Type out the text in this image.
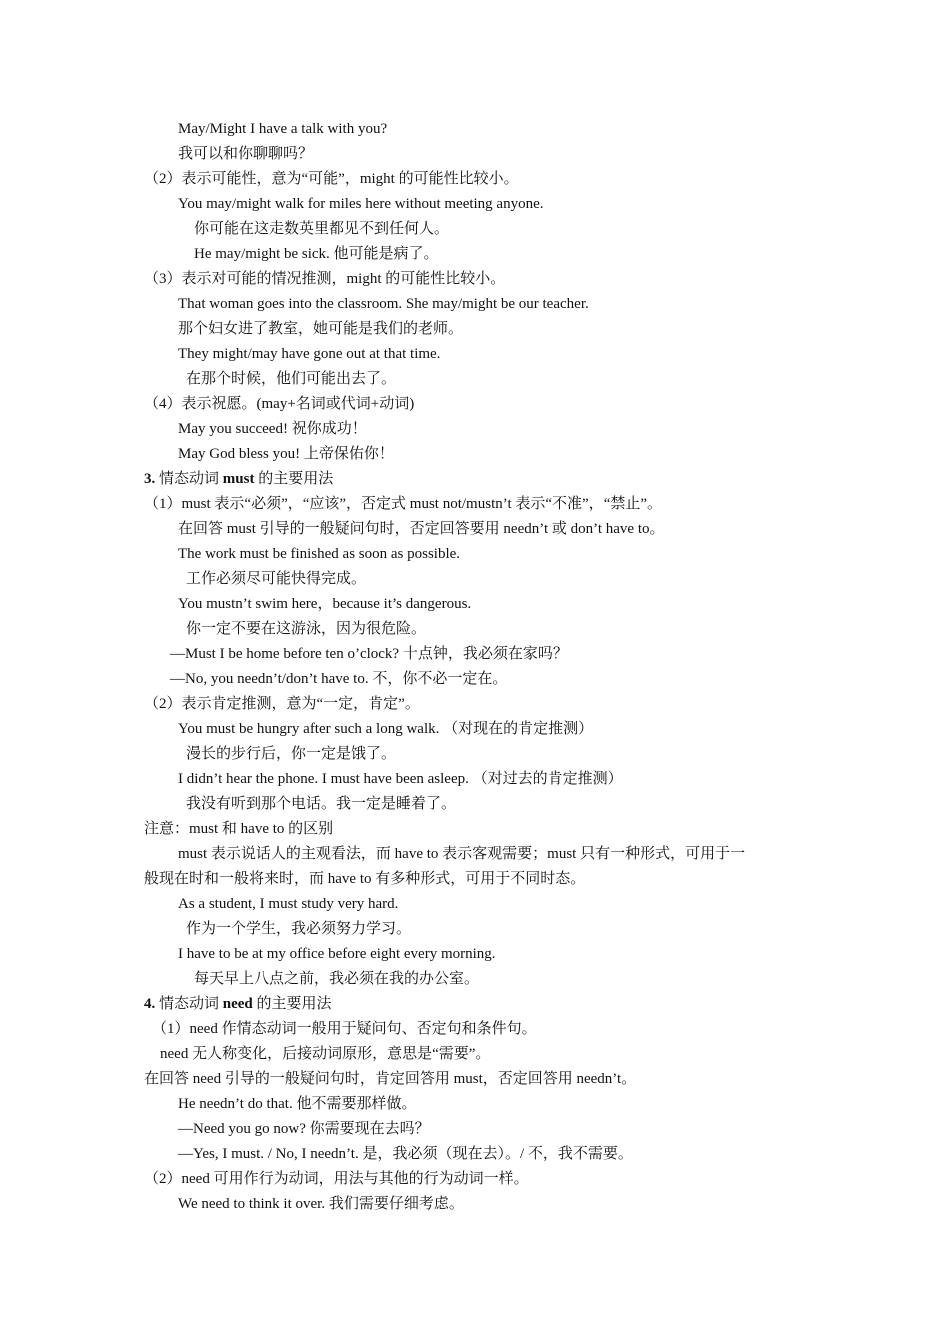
May/Might I have a talk with you?
我可以和你聊聊吗？
（2）表示可能性，意为“可能”，might 的可能性比较小。
You may/might walk for miles here without meeting anyone.
你可能在这走数英里都见不到任何人。
He may/might be sick. 他可能是病了。
（3）表示对可能的情况推测，might 的可能性比较小。
That woman goes into the classroom. She may/might be our teacher.
那个妇女进了教室，她可能是我们的老师。
They might/may have gone out at that time.
在那个时候，他们可能出去了。
（4）表示祝愿。(may+名词或代词+动词)
May you succeed! 祝你成功！
May God bless you! 上帝保佑你！
3. 情态动词 must 的主要用法
（1）must 表示“必须”，“应该”，否定式 must not/mustn’t 表示“不准”，“禁止”。
在回答 must 引导的一般疑问句时，否定回答要用 needn’t 或 don’t have to。
The work must be finished as soon as possible.
工作必须尽可能快得完成。
You mustn’t swim here，because it’s dangerous.
你一定不要在这游泳，因为很危险。
—Must I be home before ten o’clock? 十点钟，我必须在家吗？
—No, you needn’t/don’t have to. 不，你不必一定在。
（2）表示肯定推测，意为“一定，肯定”。
You must be hungry after such a long walk. （对现在的肯定推测）
漫长的步行后，你一定是饿了。
I didn’t hear the phone. I must have been asleep. （对过去的肯定推测）
我没有听到那个电话。我一定是睡着了。
注意：must 和 have to 的区别
must 表示说话人的主观看法，而 have to 表示客观需要；must 只有一种形式，可用于一
般现在时和一般将来时，而 have to 有多种形式，可用于不同时态。
As a student, I must study very hard.
作为一个学生，我必须努力学习。
I have to be at my office before eight every morning.
每天早上八点之前，我必须在我的办公室。
4. 情态动词 need 的主要用法
（1）need 作情态动词一般用于疑问句、否定句和条件句。
need 无人称变化，后接动词原形，意思是“需要”。
在回答 need 引导的一般疑问句时，肯定回答用 must，否定回答用 needn’t。
He needn’t do that. 他不需要那样做。
—Need you go now? 你需要现在去吗？
—Yes, I must. / No, I needn’t. 是，我必须（现在去）。/ 不，我不需要。
（2）need 可用作行为动词，用法与其他的行为动词一样。
We need to think it over. 我们需要仔细考虑。
